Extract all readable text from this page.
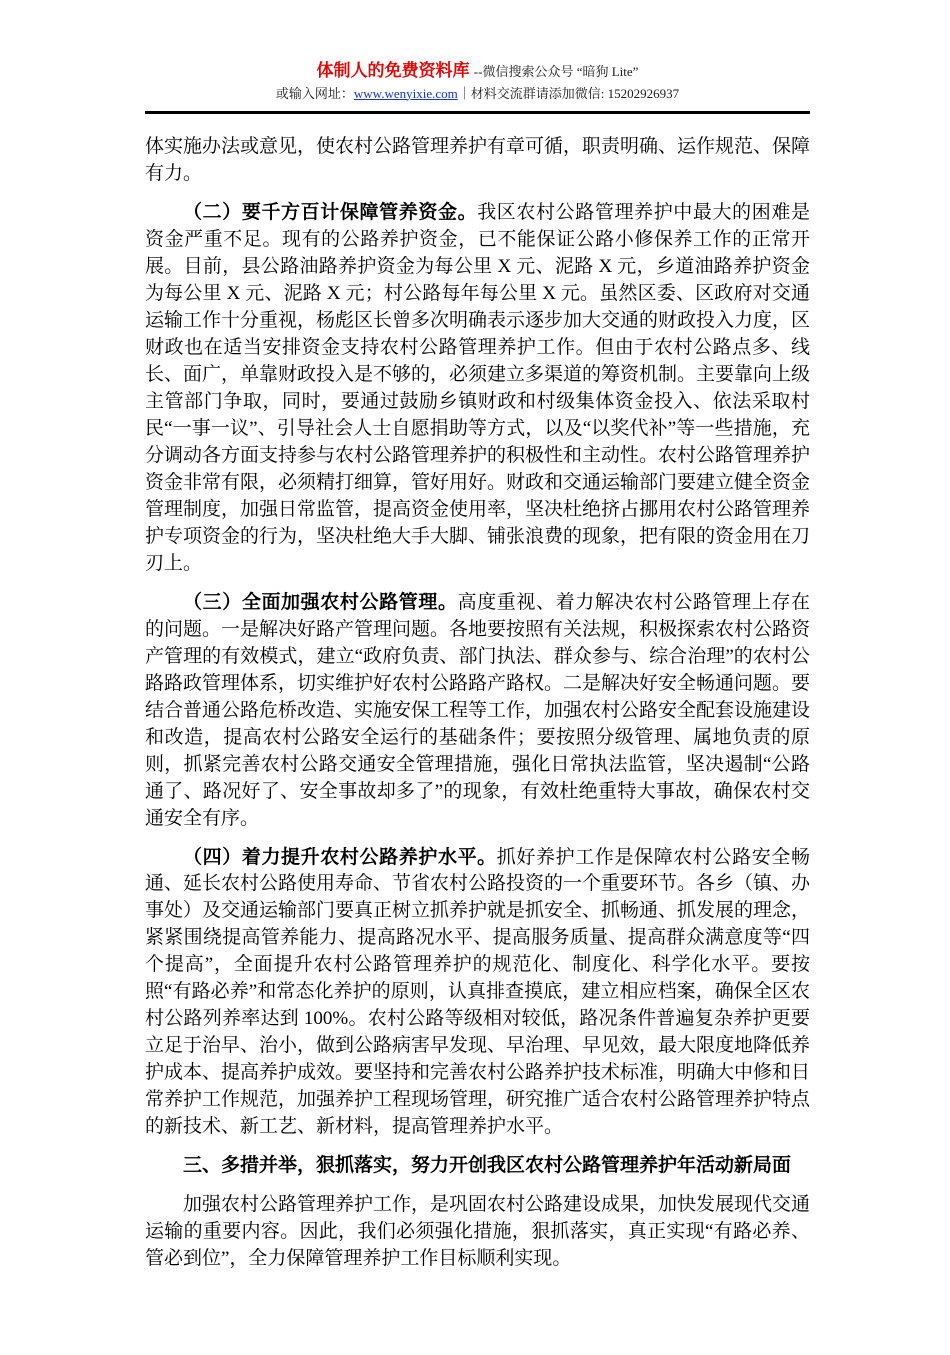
体制人的免费资料库 --微信搜索公众号 “暗狗 Lite”
或输入网址：www.wenyixie.com｜材料交流群请添加微信: 15202926937

体实施办法或意见，使农村公路管理养护有章可循，职责明确、运作规范、保障有力。

（二）要千方百计保障管养资金。我区农村公路管理养护中最大的困难是资金严重不足。现有的公路养护资金，已不能保证公路小修保养工作的正常开展。目前，县公路油路养护资金为每公里 X 元、泥路 X 元，乡道油路养护资金为每公里 X 元、泥路 X 元；村公路每年每公里 X 元。虽然区委、区政府对交通运输工作十分重视，杨彪区长曾多次明确表示逐步加大交通的财政投入力度，区财政也在适当安排资金支持农村公路管理养护工作。但由于农村公路点多、线长、面广，单靠财政投入是不够的，必须建立多渠道的筹资机制。主要靠向上级主管部门争取，同时，要通过鼓励乡镇财政和村级集体资金投入、依法采取村民“一事一议”、引导社会人士自愿捐助等方式，以及“以奖代补”等一些措施，充分调动各方面支持参与农村公路管理养护的积极性和主动性。农村公路管理养护资金非常有限，必须精打细算，管好用好。财政和交通运输部门要建立健全资金管理制度，加强日常监管，提高资金使用率，坚决杜绝挤占挪用农村公路管理养护专项资金的行为，坚决杜绝大手大脚、铺张浪费的现象，把有限的资金用在刀刃上。

（三）全面加强农村公路管理。高度重视、着力解决农村公路管理上存在的问题。一是解决好路产管理问题。各地要按照有关法规，积极探索农村公路资产管理的有效模式，建立“政府负责、部门执法、群众参与、综合治理”的农村公路路政管理体系，切实维护好农村公路路产路权。二是解决好安全畅通问题。要结合普通公路危桥改造、实施安保工程等工作，加强农村公路安全配套设施建设和改造，提高农村公路安全运行的基础条件；要按照分级管理、属地负责的原则，抓紧完善农村公路交通安全管理措施，强化日常执法监管，坚决遏制“公路通了、路况好了、安全事故却多了”的现象，有效杜绝重特大事故，确保农村交通安全有序。

（四）着力提升农村公路养护水平。抓好养护工作是保障农村公路安全畅通、延长农村公路使用寿命、节省农村公路投资的一个重要环节。各乡（镇、办事处）及交通运输部门要真正树立抓养护就是抓安全、抓畅通、抓发展的理念，紧紧围绕提高管养能力、提高路况水平、提高服务质量、提高群众满意度等“四个提高”，全面提升农村公路管理养护的规范化、制度化、科学化水平。要按照“有路必养”和常态化养护的原则，认真排查摸底，建立相应档案，确保全区农村公路列养率达到 100%。农村公路等级相对较低，路况条件普遍复杂养护更要立足于治早、治小，做到公路病害早发现、早治理、早见效，最大限度地降低养护成本、提高养护成效。要坚持和完善农村公路养护技术标准，明确大中修和日常养护工作规范，加强养护工程现场管理，研究推广适合农村公路管理养护特点的新技术、新工艺、新材料，提高管理养护水平。

三、多措并举，狠抓落实，努力开创我区农村公路管理养护年活动新局面

加强农村公路管理养护工作，是巩固农村公路建设成果，加快发展现代交通运输的重要内容。因此，我们必须强化措施，狠抓落实，真正实现“有路必养、管必到位”，全力保障管理养护工作目标顺利实现。
